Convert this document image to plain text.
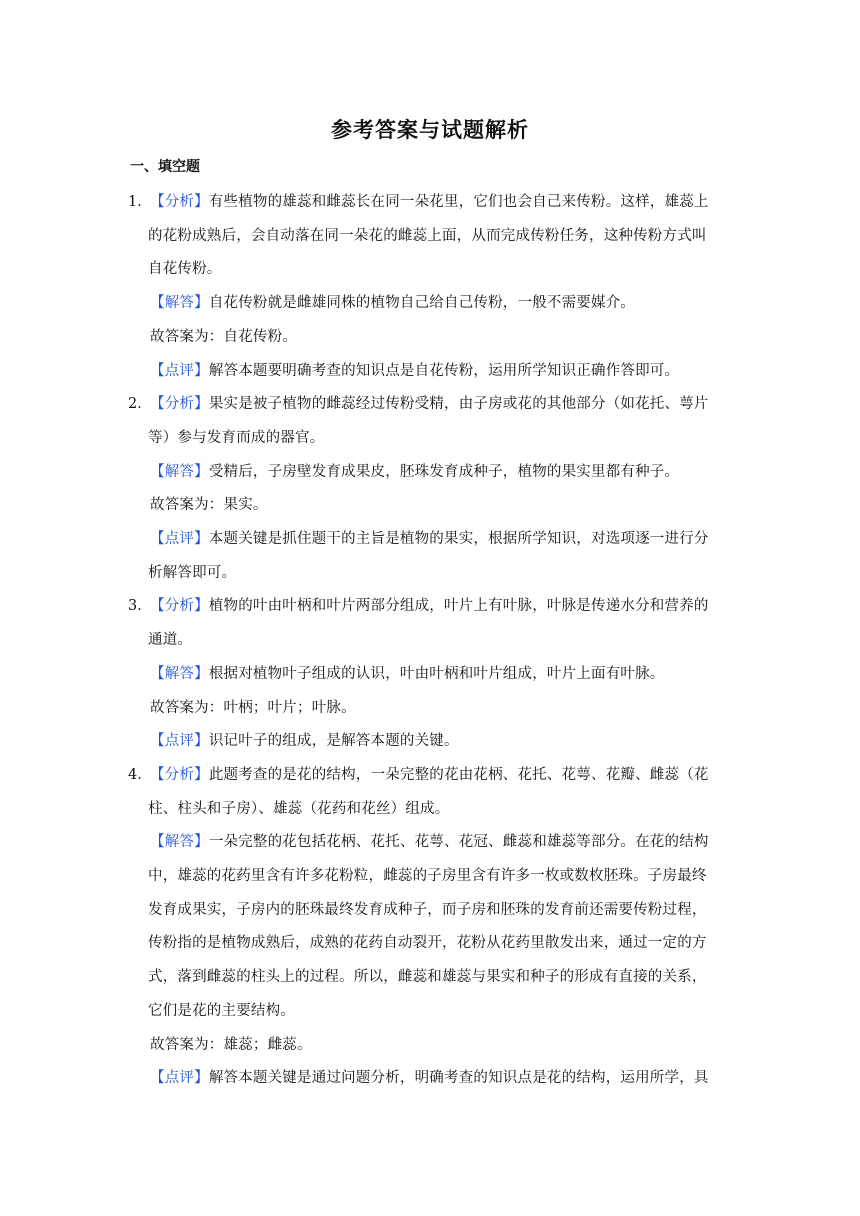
参考答案与试题解析
一、填空题
1．
【分析】有些植物的雄蕊和雌蕊长在同一朵花里，它们也会自己来传粉。这样，雄蕊上
的花粉成熟后，会自动落在同一朵花的雌蕊上面，从而完成传粉任务，这种传粉方式叫
自花传粉。
【解答】自花传粉就是雌雄同株的植物自己给自己传粉，一般不需要媒介。
故答案为：自花传粉。
【点评】解答本题要明确考查的知识点是自花传粉，运用所学知识正确作答即可。
2．
【分析】果实是被子植物的雌蕊经过传粉受精，由子房或花的其他部分（如花托、萼片
等）参与发育而成的器官。
【解答】受精后，子房壁发育成果皮，胚珠发育成种子，植物的果实里都有种子。
故答案为：果实。
【点评】本题关键是抓住题干的主旨是植物的果实，根据所学知识，对选项逐一进行分
析解答即可。
3．
【分析】植物的叶由叶柄和叶片两部分组成，叶片上有叶脉，叶脉是传递水分和营养的
通道。
【解答】根据对植物叶子组成的认识，叶由叶柄和叶片组成，叶片上面有叶脉。
故答案为：叶柄；叶片；叶脉。
【点评】识记叶子的组成，是解答本题的关键。
4．
【分析】此题考查的是花的结构，一朵完整的花由花柄、花托、花萼、花瓣、雌蕊（花
柱、柱头和子房）、雄蕊（花药和花丝）组成。
【解答】一朵完整的花包括花柄、花托、花萼、花冠、雌蕊和雄蕊等部分。在花的结构
中，雄蕊的花药里含有许多花粉粒，雌蕊的子房里含有许多一枚或数枚胚珠。子房最终
发育成果实，子房内的胚珠最终发育成种子，而子房和胚珠的发育前还需要传粉过程，
传粉指的是植物成熟后，成熟的花药自动裂开，花粉从花药里散发出来，通过一定的方
式，落到雌蕊的柱头上的过程。所以，雌蕊和雄蕊与果实和种子的形成有直接的关系，
它们是花的主要结构。
故答案为：雄蕊；雌蕊。
【点评】解答本题关键是通过问题分析，明确考查的知识点是花的结构，运用所学，具
